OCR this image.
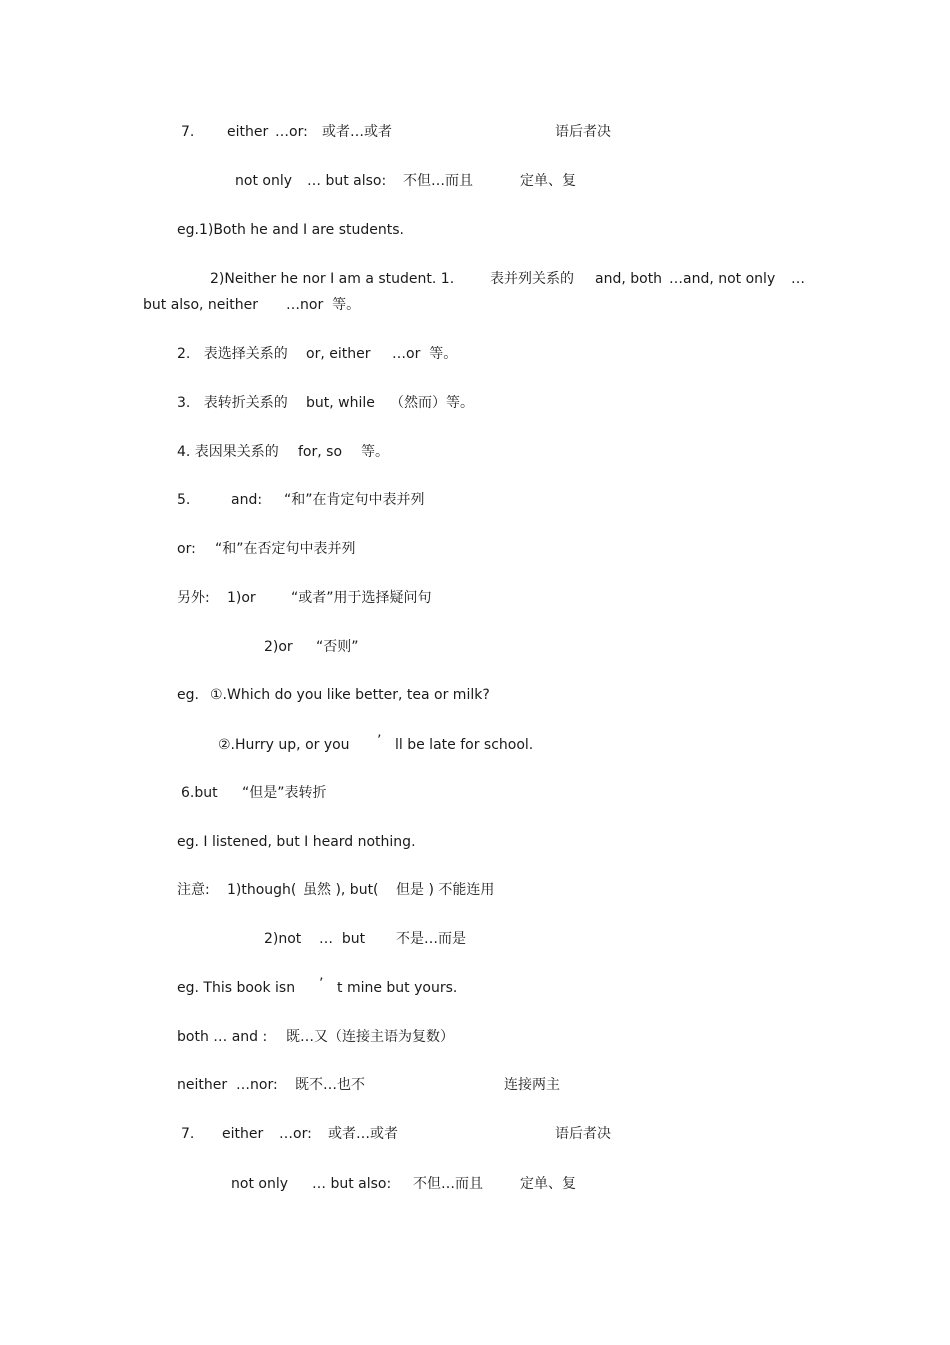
7. either …or: 或者…或者	语后者决
not only … but also: 不但…而且	定单、复
eg.1)Both he and I are students.
2)Neither he nor I am a student. 1.	表并列关系的 and, both …and, not only …
but also, neither …nor  等。
2.   表选择关系的 or, either …or  等。
3.   表转折关系的 but, while （然而）等。
4. 表因果关系的 for, so 等。
5.	and: “和”在肯定句中表并列
or: “和”在否定句中表并列
另外: 1)or	“或者”用于选择疑问句
2)or “否则”
eg. ①.Which do you like better, tea or milk?
②.Hurry up, or you ’ ll be late for school.
6.but “但是”表转折
eg. I listened, but I heard nothing.
注意: 1)though( 虽然 ), but( 但是 ) 不能连用
2)not …  but 不是…而是
eg. This book isn ’ t mine but yours.
both … and : 既…又（连接主语为复数）
neither …nor: 既不…也不	连接两主
7. either …or: 或者…或者	语后者决
not only … but also: 不但…而且	定单、复
